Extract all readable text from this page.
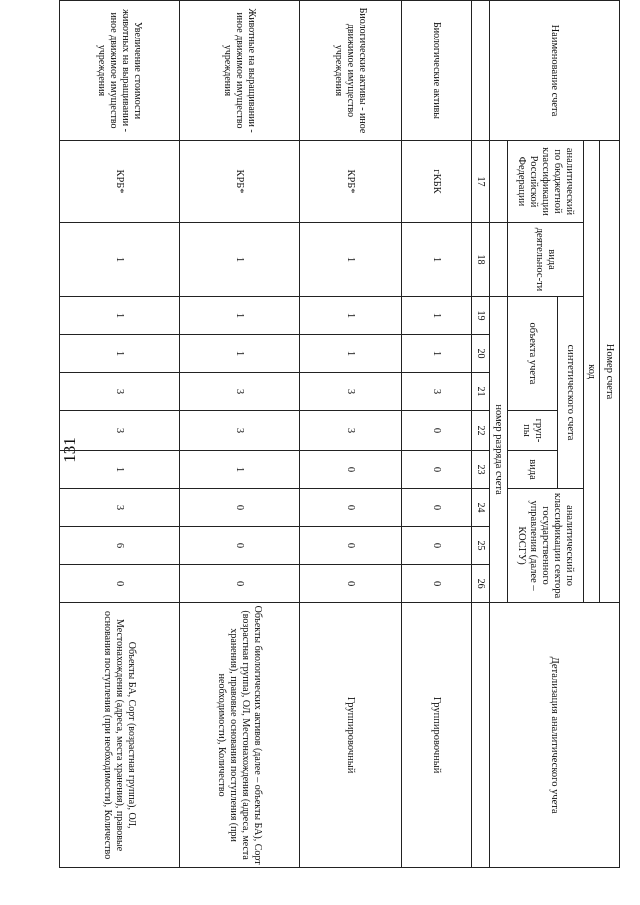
131
Наименование счета	Номер счета										Детализация аналитического учета
	код										
	аналитический по бюджетной классификации Российской Федерации	вида деятельнос-ти	синтетического счета					аналитический по классификации сектора государственного управления (далее – КОСГУ)			
			объекта учета			груп-пы	вида				
			номер разряда счета								
	17	18	19	20	21	22	23	24	25	26	
Биологические активы	гКБК	1	1	1	3	0	0	0	0	0	Группировочный
Биологические активы - иное движимое имущество учреждения	КРБ*	1	1	1	3	3	0	0	0	0	Группировочный
Животные на выращивании - иное движимое имущество учреждения	КРБ*	1	1	1	3	3	1	0	0	0	Объекты биологических активов (далее – объекты БА), Сорт (возрастная группа), ОЛ, Местонахождения (адреса, места хранения), правовые основания поступления (при необходимости), Количество
Увеличение стоимости животных на выращивании - иное движимое имущество учреждения	КРБ*	1	1	1	3	3	1	3	6	0	Объекты БА, Сорт (возрастная группа), ОЛ, Местонахождения (адреса, места хранения), правовые основания поступления (при необходимости), Количество
